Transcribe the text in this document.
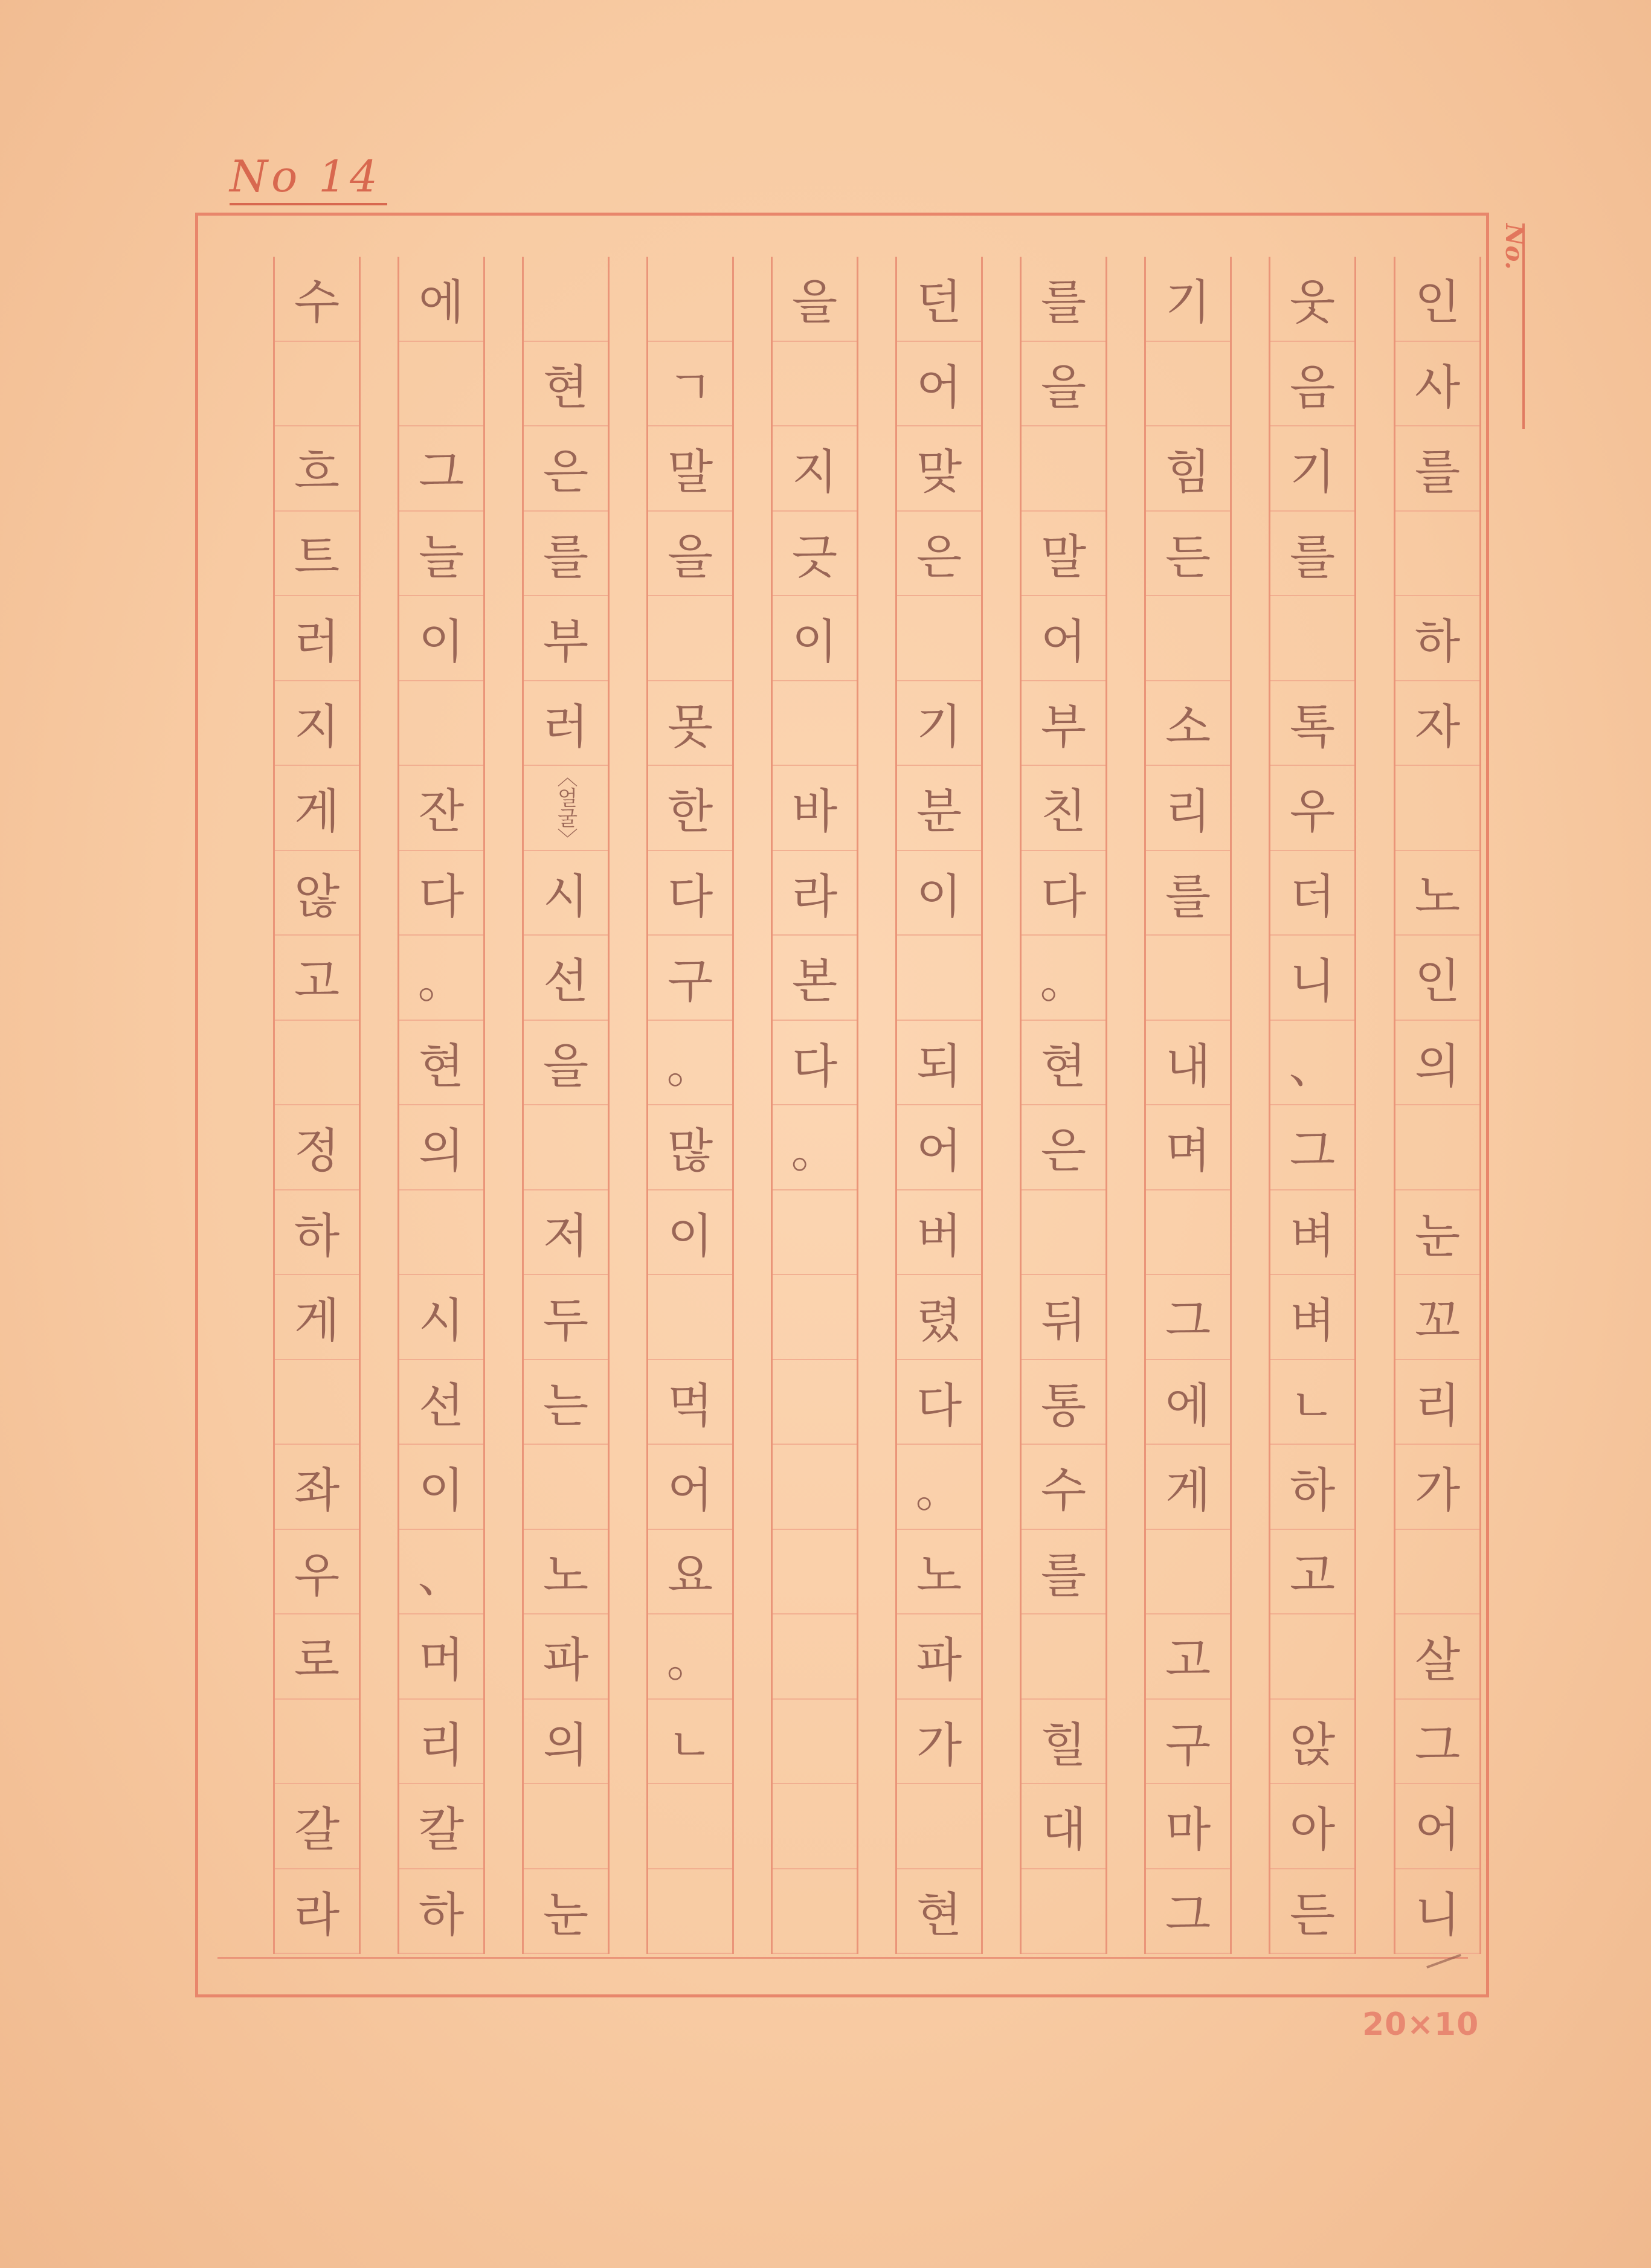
No 14
No.
인
사
를
하
자
노
인
의
눈
꼬
리
가
살
그
어
니
웃
음
기
를
톡
우
더
니
、
그
벼
벼
ㄴ
하
고
앉
아
든
기
힘
든
소
리
를
내
며
그
에
게
고
구
마
그
를
을
말
어
부
친
다
。
현
은
뒤
통
수
를
힐
대
던
어
맞
은
기
분
이
되
어
버
렸
다
。
노
파
가
현
을
지
긋
이
바
라
본
다
。
ㄱ
말
을
못
한
다
구
。
많
이
먹
어
요
。
ㄴ
현
은
를
부
러
〈얼굴〉
시
선
을
저
두
는
노
파
의
눈
에
그
늘
이
잔
다
。
현
의
시
선
이
、
머
리
칼
하
수
흐
트
러
지
게
않
고
정
하
게
좌
우
로
갈
라
20×10
